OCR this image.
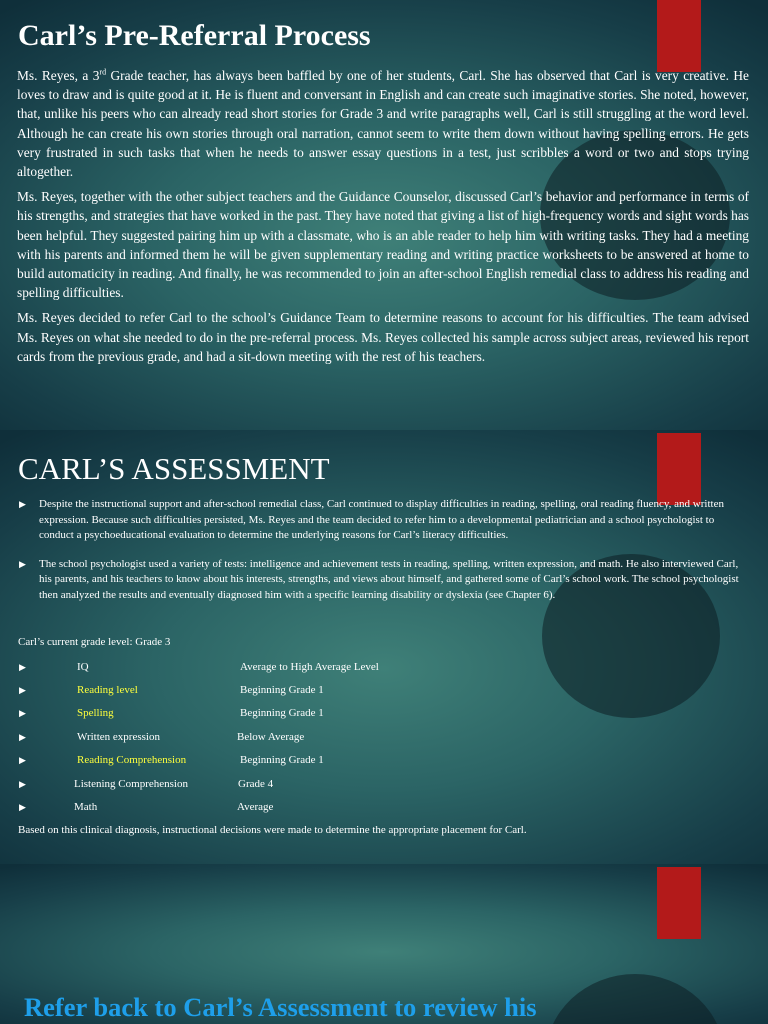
Carl’s Pre-Referral Process

Ms. Reyes, a 3rd Grade teacher, has always been baffled by one of her students, Carl. She has observed that Carl is very creative. He loves to draw and is quite good at it. He is fluent and conversant in English and can create such imaginative stories. She noted, however, that, unlike his peers who can already read short stories for Grade 3 and write paragraphs well, Carl is still struggling at the word level. Although he can create his own stories through oral narration, cannot seem to write them down without having spelling errors. He gets very frustrated in such tasks that when he needs to answer essay questions in a test, just scribbles a word or two and stops trying altogether.

Ms. Reyes, together with the other subject teachers and the Guidance Counselor, discussed Carl’s behavior and performance in terms of his strengths, and strategies that have worked in the past. They have noted that giving a list of high-frequency words and sight words has been helpful. They suggested pairing him up with a classmate, who is an able reader to help him with writing tasks. They had a meeting with his parents and informed them he will be given supplementary reading and writing practice worksheets to be answered at home to build automaticity in reading. And finally, he was recommended to join an after-school English remedial class to address his reading and spelling difficulties.

Ms. Reyes decided to refer Carl to the school’s Guidance Team to determine reasons to account for his difficulties. The team advised Ms. Reyes on what she needed to do in the pre-referral process. Ms. Reyes collected his sample across subject areas, reviewed his report cards from the previous grade, and had a sit-down meeting with the rest of his teachers.

CARL’S ASSESSMENT
▶ Despite the instructional support and after-school remedial class, Carl continued to display difficulties in reading, spelling, oral reading fluency, and written expression. Because such difficulties persisted, Ms. Reyes and the team decided to refer him to a developmental pediatrician and a school psychologist to conduct a psychoeducational evaluation to determine the underlying reasons for Carl’s literacy difficulties.
▶ The school psychologist used a variety of tests: intelligence and achievement tests in reading, spelling, written expression, and math. He also interviewed Carl, his parents, and his teachers to know about his interests, strengths, and views about himself, and gathered some of Carl’s school work. The school psychologist then analyzed the results and eventually diagnosed him with a specific learning disability or dyslexia (see Chapter 6).
Carl’s current grade level: Grade 3
▶	IQ	Average to High Average Level
▶	Reading level	Beginning Grade 1
▶	Spelling	Beginning Grade 1
▶	Written expression	Below Average
▶	Reading Comprehension	Beginning Grade 1
▶	Listening Comprehension	Grade 4
▶	Math	Average
Based on this clinical diagnosis, instructional decisions were made to determine the appropriate placement for Carl.
Refer back to Carl’s Assessment to review his
